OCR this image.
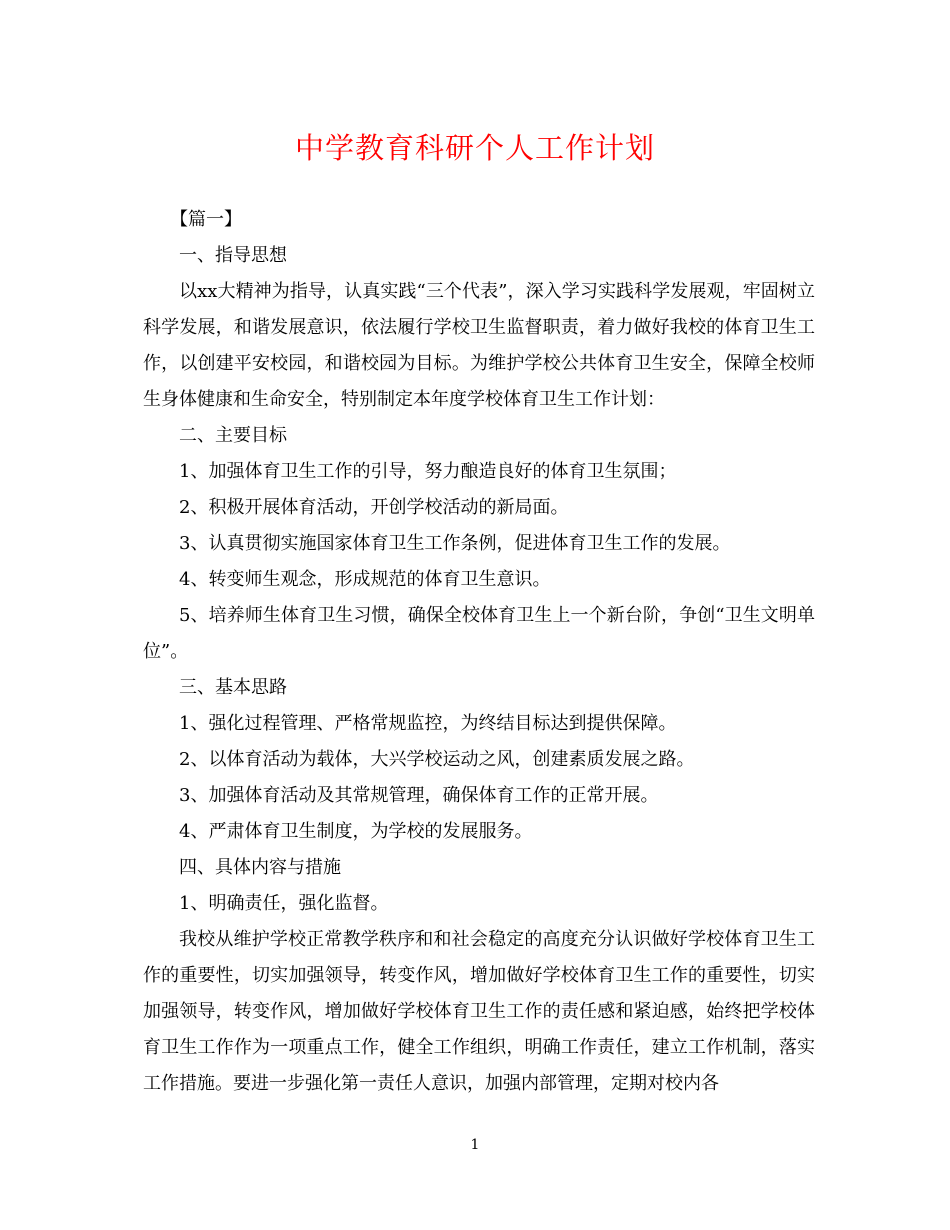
中学教育科研个人工作计划

【篇一】

一、指导思想

以xx大精神为指导，认真实践“三个代表”，深入学习实践科学发展观，牢固树立科学发展，和谐发展意识，依法履行学校卫生监督职责，着力做好我校的体育卫生工作，以创建平安校园，和谐校园为目标。为维护学校公共体育卫生安全，保障全校师生身体健康和生命安全，特别制定本年度学校体育卫生工作计划：

二、主要目标

1、加强体育卫生工作的引导，努力酿造良好的体育卫生氛围；

2、积极开展体育活动，开创学校活动的新局面。

3、认真贯彻实施国家体育卫生工作条例，促进体育卫生工作的发展。

4、转变师生观念，形成规范的体育卫生意识。

5、培养师生体育卫生习惯，确保全校体育卫生上一个新台阶，争创“卫生文明单位”。

三、基本思路

1、强化过程管理、严格常规监控，为终结目标达到提供保障。

2、以体育活动为载体，大兴学校运动之风，创建素质发展之路。

3、加强体育活动及其常规管理，确保体育工作的正常开展。

4、严肃体育卫生制度，为学校的发展服务。

四、具体内容与措施

1、明确责任，强化监督。

我校从维护学校正常教学秩序和和社会稳定的高度充分认识做好学校体育卫生工作的重要性，切实加强领导，转变作风，增加做好学校体育卫生工作的重要性，切实加强领导，转变作风，增加做好学校体育卫生工作的责任感和紧迫感，始终把学校体育卫生工作作为一项重点工作，健全工作组织，明确工作责任，建立工作机制，落实工作措施。要进一步强化第一责任人意识，加强内部管理，定期对校内各

1
